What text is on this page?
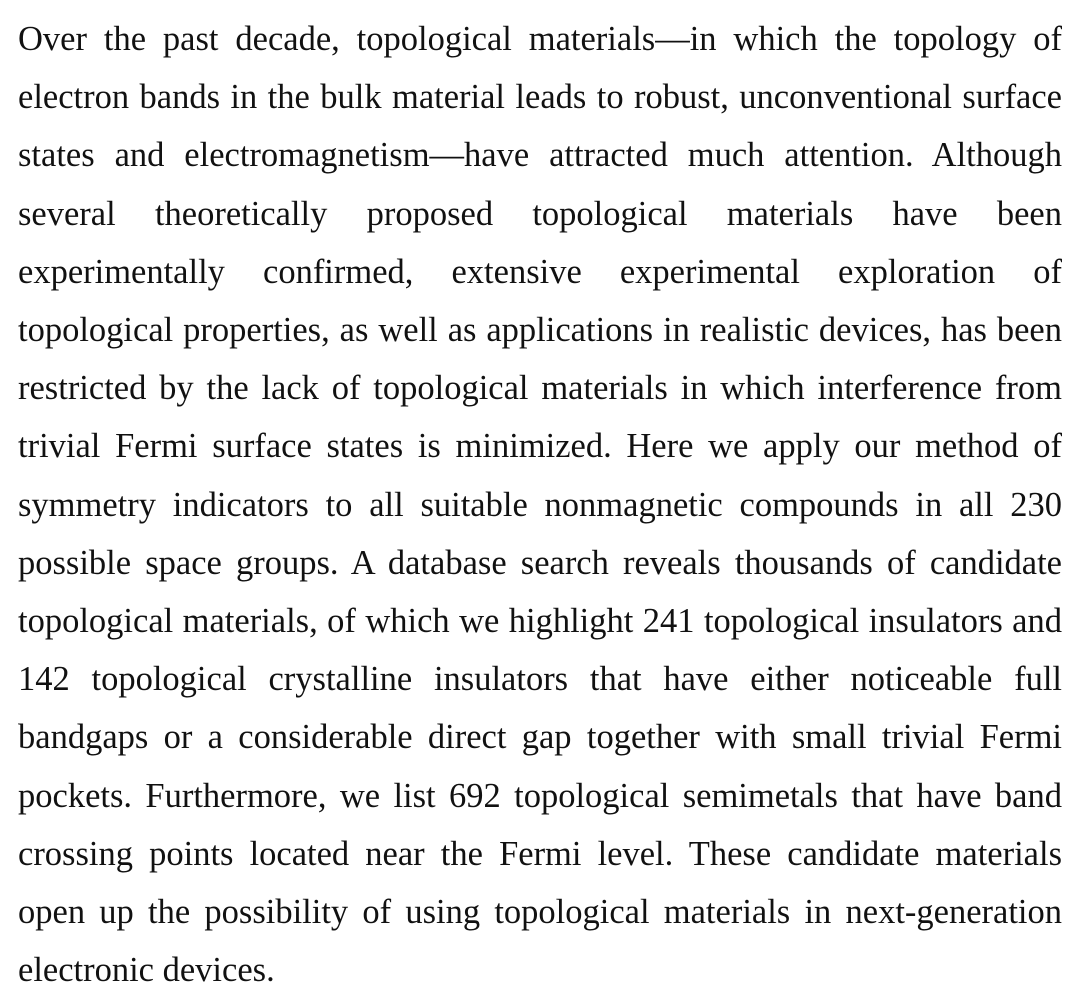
Over the past decade, topological materials—in which the topology of electron bands in the bulk material leads to robust, unconventional surface states and electromagnetism—have attracted much attention. Although several theoretically proposed topological materials have been experimentally confirmed, extensive experimental exploration of topological properties, as well as applications in realistic devices, has been restricted by the lack of topological materials in which interference from trivial Fermi surface states is minimized. Here we apply our method of symmetry indicators to all suitable nonmagnetic compounds in all 230 possible space groups. A database search reveals thousands of candidate topological materials, of which we highlight 241 topological insulators and 142 topological crystalline insulators that have either noticeable full bandgaps or a considerable direct gap together with small trivial Fermi pockets. Furthermore, we list 692 topological semimetals that have band crossing points located near the Fermi level. These candidate materials open up the possibility of using topological materials in next-generation electronic devices.
